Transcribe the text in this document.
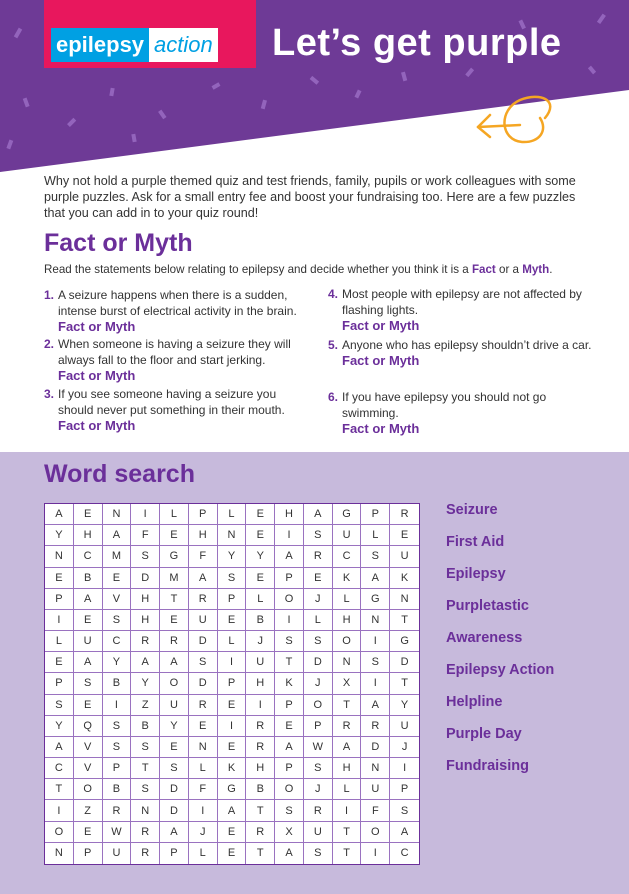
epilepsy action Let’s get purple
Why not hold a purple themed quiz and test friends, family, pupils or work colleagues with some purple puzzles. Ask for a small entry fee and boost your fundraising too. Here are a few puzzles that you can add in to your quiz round!
Fact or Myth
Read the statements below relating to epilepsy and decide whether you think it is a Fact or a Myth.
1. A seizure happens when there is a sudden, intense burst of electrical activity in the brain.
Fact or Myth
2. When someone is having a seizure they will always fall to the floor and start jerking.
Fact or Myth
3. If you see someone having a seizure you should never put something in their mouth.
Fact or Myth
4. Most people with epilepsy are not affected by flashing lights.
Fact or Myth
5. Anyone who has epilepsy shouldn’t drive a car.
Fact or Myth
6. If you have epilepsy you should not go swimming.
Fact or Myth
Word search
A	E	N	I	L	P	L	E	H	A	G	P	R
Y	H	A	F	E	H	N	E	I	S	U	L	E
N	C	M	S	G	F	Y	Y	A	R	C	S	U
E	B	E	D	M	A	S	E	P	E	K	A	K
P	A	V	H	T	R	P	L	O	J	L	G	N
I	E	S	H	E	U	E	B	I	L	H	N	T
L	U	C	R	R	D	L	J	S	S	O	I	G
E	A	Y	A	A	S	I	U	T	D	N	S	D
P	S	B	Y	O	D	P	H	K	J	X	I	T
S	E	I	Z	U	R	E	I	P	O	T	A	Y
Y	Q	S	B	Y	E	I	R	E	P	R	R	U
A	V	S	S	E	N	E	R	A	W	A	D	J
C	V	P	T	S	L	K	H	P	S	H	N	I
T	O	B	S	D	F	G	B	O	J	L	U	P
I	Z	R	N	D	I	A	T	S	R	I	F	S
O	E	W	R	A	J	E	R	X	U	T	O	A
N	P	U	R	P	L	E	T	A	S	T	I	C
Seizure
First Aid
Epilepsy
Purpletastic
Awareness
Epilepsy Action
Helpline
Purple Day
Fundraising
